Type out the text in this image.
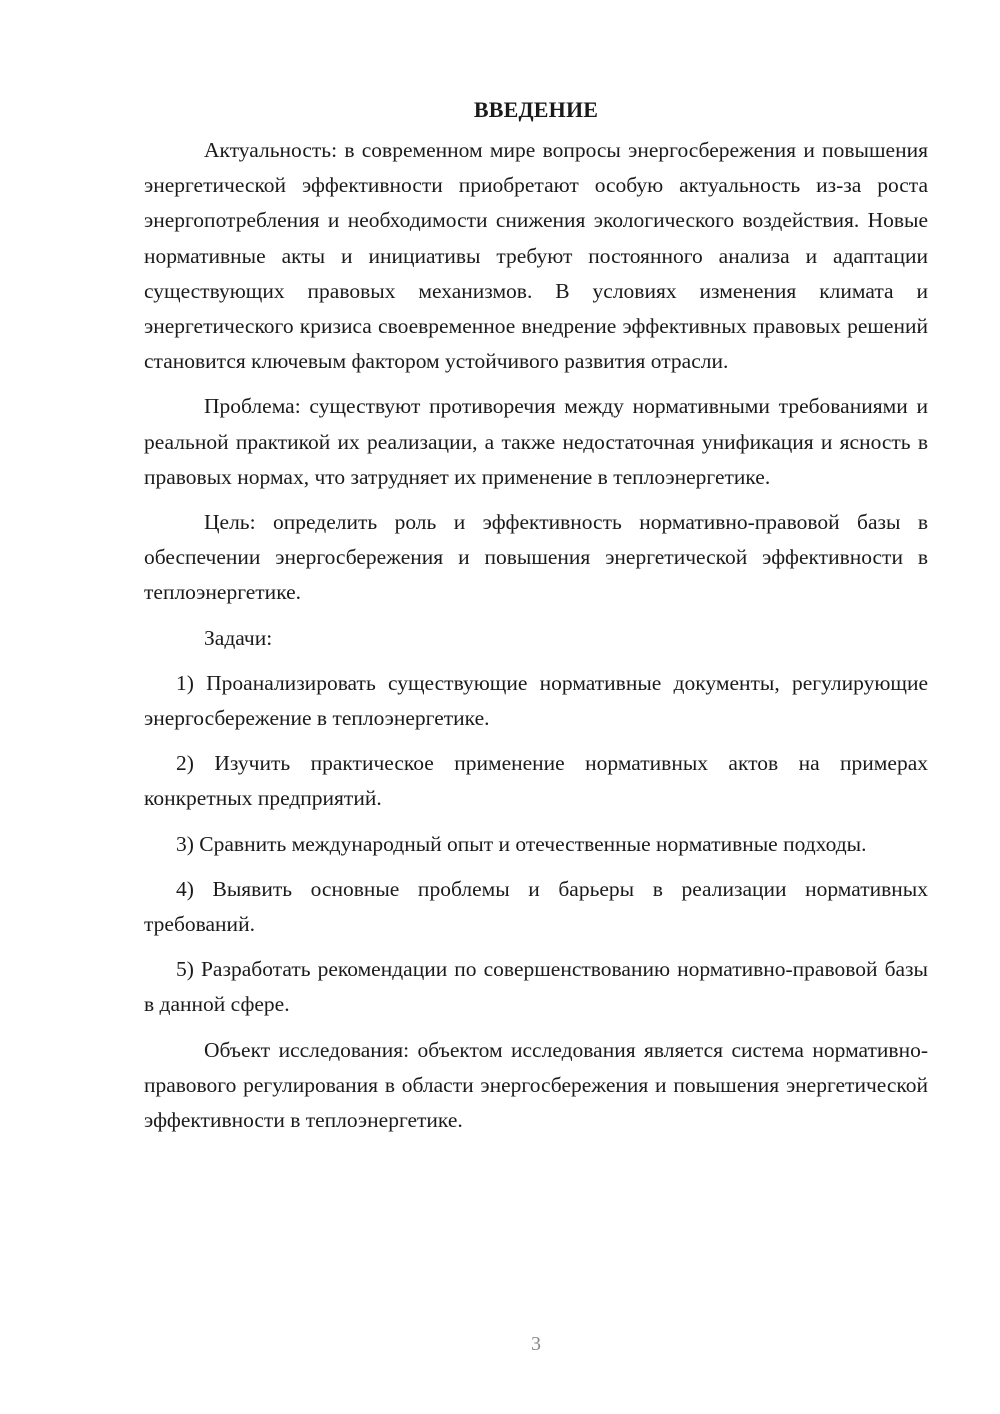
ВВЕДЕНИЕ

Актуальность: в современном мире вопросы энергосбережения и повышения энергетической эффективности приобретают особую актуальность из-за роста энергопотребления и необходимости снижения экологического воздействия. Новые нормативные акты и инициативы требуют постоянного анализа и адаптации существующих правовых механизмов. В условиях изменения климата и энергетического кризиса своевременное внедрение эффективных правовых решений становится ключевым фактором устойчивого развития отрасли.

Проблема: существуют противоречия между нормативными требованиями и реальной практикой их реализации, а также недостаточная унификация и ясность в правовых нормах, что затрудняет их применение в теплоэнергетике.

Цель: определить роль и эффективность нормативно-правовой базы в обеспечении энергосбережения и повышения энергетической эффективности в теплоэнергетике.

Задачи:

1) Проанализировать существующие нормативные документы, регулирующие энергосбережение в теплоэнергетике.

2) Изучить практическое применение нормативных актов на примерах конкретных предприятий.

3) Сравнить международный опыт и отечественные нормативные подходы.

4) Выявить основные проблемы и барьеры в реализации нормативных требований.

5) Разработать рекомендации по совершенствованию нормативно-правовой базы в данной сфере.

Объект исследования: объектом исследования является система нормативно-правового регулирования в области энергосбережения и повышения энергетической эффективности в теплоэнергетике.

3
